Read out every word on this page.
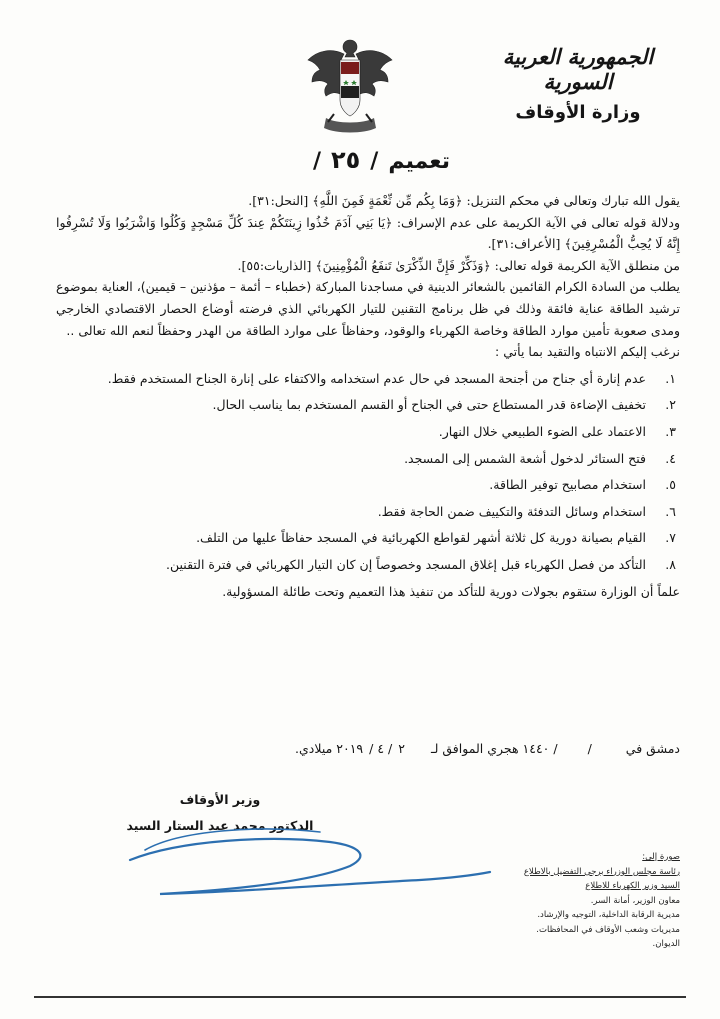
الجمهورية العربية السورية
وزارة الأوقاف
تعميم
/
٢٥
/

يقول الله تبارك وتعالى في محكم التنزيل: ﴿وَمَا بِكُم مِّن نِّعْمَةٍ فَمِنَ اللَّهِ﴾ [النحل:٣١].

ودلالة قوله تعالى في الآية الكريمة على عدم الإسراف: ﴿يَا بَنِي آدَمَ خُذُوا زِينَتَكُمْ عِندَ كُلِّ مَسْجِدٍ وَكُلُوا وَاشْرَبُوا وَلَا تُسْرِفُوا إِنَّهُ لَا يُحِبُّ الْمُسْرِفِينَ﴾ [الأعراف:٣١].

من منطلق الآية الكريمة قوله تعالى: ﴿وَذَكِّرْ فَإِنَّ الذِّكْرَىٰ تَنفَعُ الْمُؤْمِنِينَ﴾ [الذاريات:٥٥].

يطلب من السادة الكرام القائمين بالشعائر الدينية في مساجدنا المباركة (خطباء – أئمة – مؤذنين – قيمين)، العناية بموضوع ترشيد الطاقة عناية فائقة وذلك في ظل برنامج التقنين للتيار الكهربائي الذي فرضته أوضاع الحصار الاقتصادي الخارجي ومدى صعوبة تأمين موارد الطاقة وخاصة الكهرباء والوقود، وحفاظاً على موارد الطاقة من الهدر وحفظاً لنعم الله تعالى ..

نرغب إليكم الانتباه والتقيد بما يأتي :

١.
عدم إنارة أي جناح من أجنحة المسجد في حال عدم استخدامه والاكتفاء على إنارة الجناح المستخدم فقط.
٢.
تخفيف الإضاءة قدر المستطاع حتى في الجناح أو القسم المستخدم بما يناسب الحال.
٣.
الاعتماد على الضوء الطبيعي خلال النهار.
٤.
فتح الستائر لدخول أشعة الشمس إلى المسجد.
٥.
استخدام مصابيح توفير الطاقة.
٦.
استخدام وسائل التدفئة والتكييف ضمن الحاجة فقط.
٧.
القيام بصيانة دورية كل ثلاثة أشهر لقواطع الكهربائية في المسجد حفاظاً عليها من التلف.
٨.
التأكد من فصل الكهرباء قبل إغلاق المسجد وخصوصاً إن كان التيار الكهربائي في فترة التقنين.

علماً أن الوزارة ستقوم بجولات دورية للتأكد من تنفيذ هذا التعميم وتحت طائلة المسؤولية.

دمشق في
/
/ ١٤٤٠ هجري الموافق لـ
٢
/ ٤ /
٢٠١٩ ميلادي.
وزير الأوقاف
الدكتور محمد عبد الستار السيد
صورة إلى:
رئاسة مجلس الوزراء برجى التفضيل بالاطلاع
السيد وزير الكهرباء للاطلاع
معاون الوزير، أمانة السر.
مديرية الرقابة الداخلية، التوجيه والإرشاد.
مديريات وشعب الأوقاف في المحافظات.
الديوان.
